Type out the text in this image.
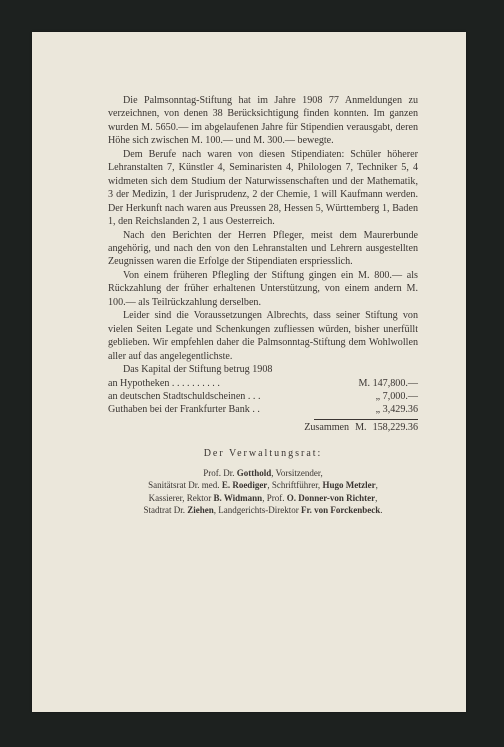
Die Palmsonntag-Stiftung hat im Jahre 1908 77 Anmeldungen zu verzeichnen, von denen 38 Berücksichtigung finden konnten. Im ganzen wurden M. 5650.— im abgelaufenen Jahre für Stipendien verausgabt, deren Höhe sich zwischen M. 100.— und M. 300.— bewegte.

Dem Berufe nach waren von diesen Stipendiaten: Schüler höherer Lehranstalten 7, Künstler 4, Seminaristen 4, Philologen 7, Techniker 5, 4 widmeten sich dem Studium der Naturwissenschaften und der Mathematik, 3 der Medizin, 1 der Jurisprudenz, 2 der Chemie, 1 will Kaufmann werden. Der Herkunft nach waren aus Preussen 28, Hessen 5, Württemberg 1, Baden 1, den Reichslanden 2, 1 aus Oesterreich.

Nach den Berichten der Herren Pfleger, meist dem Maurerbunde angehörig, und nach den von den Lehranstalten und Lehrern ausgestellten Zeugnissen waren die Erfolge der Stipendiaten erspriesslich.

Von einem früheren Pflegling der Stiftung gingen ein M. 800.— als Rückzahlung der früher erhaltenen Unterstützung, von einem andern M. 100.— als Teilrückzahlung derselben.

Leider sind die Voraussetzungen Albrechts, dass seiner Stiftung von vielen Seiten Legate und Schenkungen zufliessen würden, bisher unerfüllt geblieben. Wir empfehlen daher die Palmsonntag-Stiftung dem Wohlwollen aller auf das angelegentlichste.

Das Kapital der Stiftung betrug 1908
an Hypotheken . . . . . . . . . .	M. 147,800.—
an deutschen Stadtschuldscheinen . . .	„ 7,000.—
Guthaben bei der Frankfurter Bank . .	„ 3,429.36
Zusammen M. 158,229.36
Der Verwaltungsrat:
Prof. Dr. Gotthold, Vorsitzender,
Sanitätsrat Dr. med. E. Roediger, Schriftführer, Hugo Metzler,
Kassierer, Rektor B. Widmann, Prof. O. Donner-von Richter,
Stadtrat Dr. Ziehen, Landgerichts-Direktor Fr. von Forckenbeck.
